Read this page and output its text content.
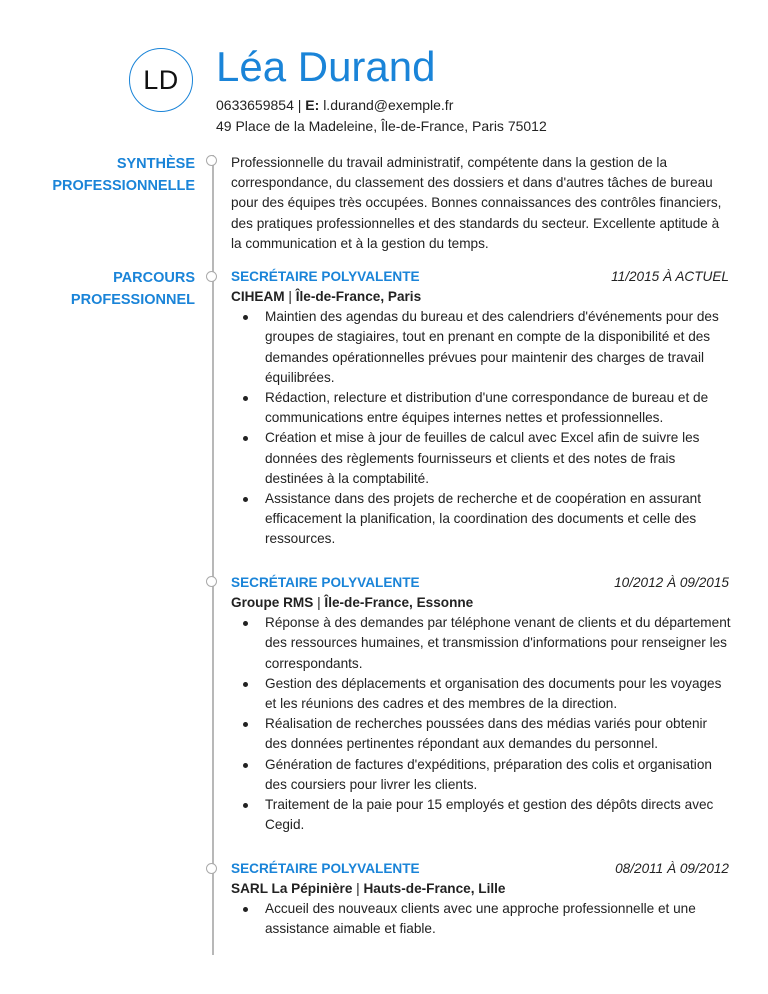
LD Léa Durand
0633659854 | E: l.durand@exemple.fr
49 Place de la Madeleine, Île-de-France, Paris 75012
SYNTHÈSE PROFESSIONNELLE

Professionnelle du travail administratif, compétente dans la gestion de la correspondance, du classement des dossiers et dans d'autres tâches de bureau pour des équipes très occupées. Bonnes connaissances des contrôles financiers, des pratiques professionnelles et des standards du secteur. Excellente aptitude à la communication et à la gestion du temps.

PARCOURS PROFESSIONNEL
SECRÉTAIRE POLYVALENTE	11/2015 À ACTUEL
CIHEAM | Île-de-France, Paris
Maintien des agendas du bureau et des calendriers d'événements pour des groupes de stagiaires, tout en prenant en compte de la disponibilité et des demandes opérationnelles prévues pour maintenir des charges de travail équilibrées.
Rédaction, relecture et distribution d'une correspondance de bureau et de communications entre équipes internes nettes et professionnelles.
Création et mise à jour de feuilles de calcul avec Excel afin de suivre les données des règlements fournisseurs et clients et des notes de frais destinées à la comptabilité.
Assistance dans des projets de recherche et de coopération en assurant efficacement la planification, la coordination des documents et celle des ressources.
SECRÉTAIRE POLYVALENTE	10/2012 À 09/2015
Groupe RMS | Île-de-France, Essonne
Réponse à des demandes par téléphone venant de clients et du département des ressources humaines, et transmission d'informations pour renseigner les correspondants.
Gestion des déplacements et organisation des documents pour les voyages et les réunions des cadres et des membres de la direction.
Réalisation de recherches poussées dans des médias variés pour obtenir des données pertinentes répondant aux demandes du personnel.
Génération de factures d'expéditions, préparation des colis et organisation des coursiers pour livrer les clients.
Traitement de la paie pour 15 employés et gestion des dépôts directs avec Cegid.
SECRÉTAIRE POLYVALENTE	08/2011 À 09/2012
SARL La Pépinière | Hauts-de-France, Lille
Accueil des nouveaux clients avec une approche professionnelle et une assistance aimable et fiable.
